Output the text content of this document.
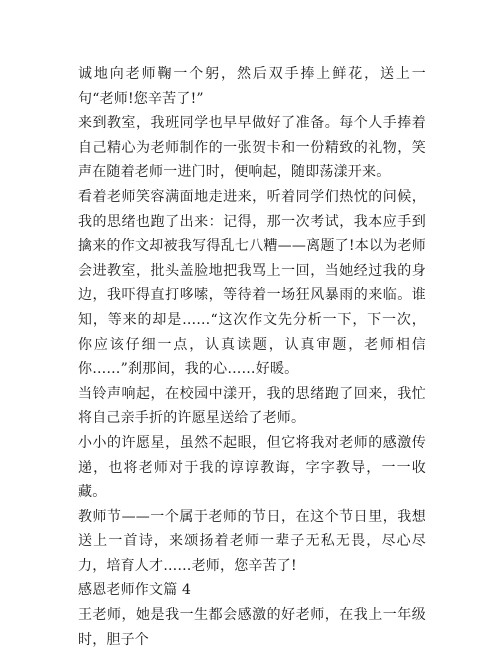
诚地向老师鞠一个躬，然后双手捧上鲜花，送上一句“老师!您辛苦了!”

来到教室，我班同学也早早做好了准备。每个人手捧着自己精心为老师制作的一张贺卡和一份精致的礼物，笑声在随着老师一进门时，便响起，随即荡漾开来。

看着老师笑容满面地走进来，听着同学们热忱的问候，我的思绪也跑了出来：记得，那一次考试，我本应手到擒来的作文却被我写得乱七八糟——离题了!本以为老师会进教室，批头盖脸地把我骂上一回，当她经过我的身边，我吓得直打哆嗦，等待着一场狂风暴雨的来临。谁知，等来的却是……“这次作文先分析一下，下一次，你应该仔细一点，认真读题，认真审题，老师相信你……”刹那间，我的心……好暖。

当铃声响起，在校园中漾开，我的思绪跑了回来，我忙将自己亲手折的许愿星送给了老师。

小小的许愿星，虽然不起眼，但它将我对老师的感激传递，也将老师对于我的谆谆教诲，字字教导，一一收藏。

教师节——一个属于老师的节日，在这个节日里，我想送上一首诗，来颂扬着老师一辈子无私无畏，尽心尽力，培育人才……老师，您辛苦了!

感恩老师作文篇 4

王老师，她是我一生都会感激的好老师，在我上一年级时，胆子个
